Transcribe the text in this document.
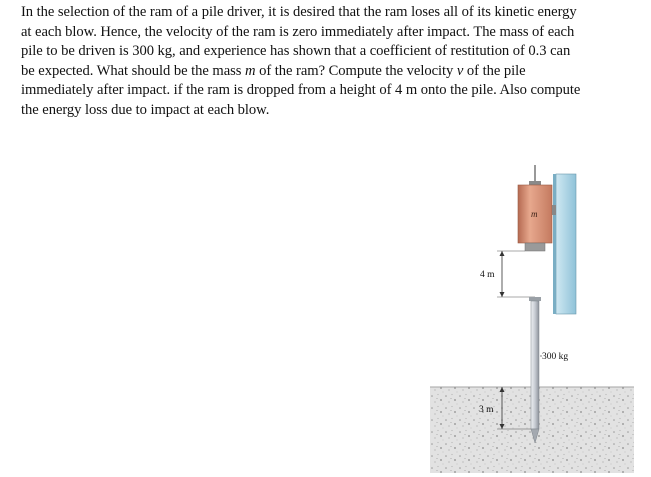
In the selection of the ram of a pile driver, it is desired that the ram loses all of its kinetic energy
at each blow. Hence, the velocity of the ram is zero immediately after impact. The mass of each
pile to be driven is 300 kg, and experience has shown that a coefficient of restitution of 0.3 can
be expected. What should be the mass m of the ram? Compute the velocity v of the pile
immediately after impact. if the ram is dropped from a height of 4 m onto the pile. Also compute
the energy loss due to impact at each blow.

m
4 m
300 kg
3 m
